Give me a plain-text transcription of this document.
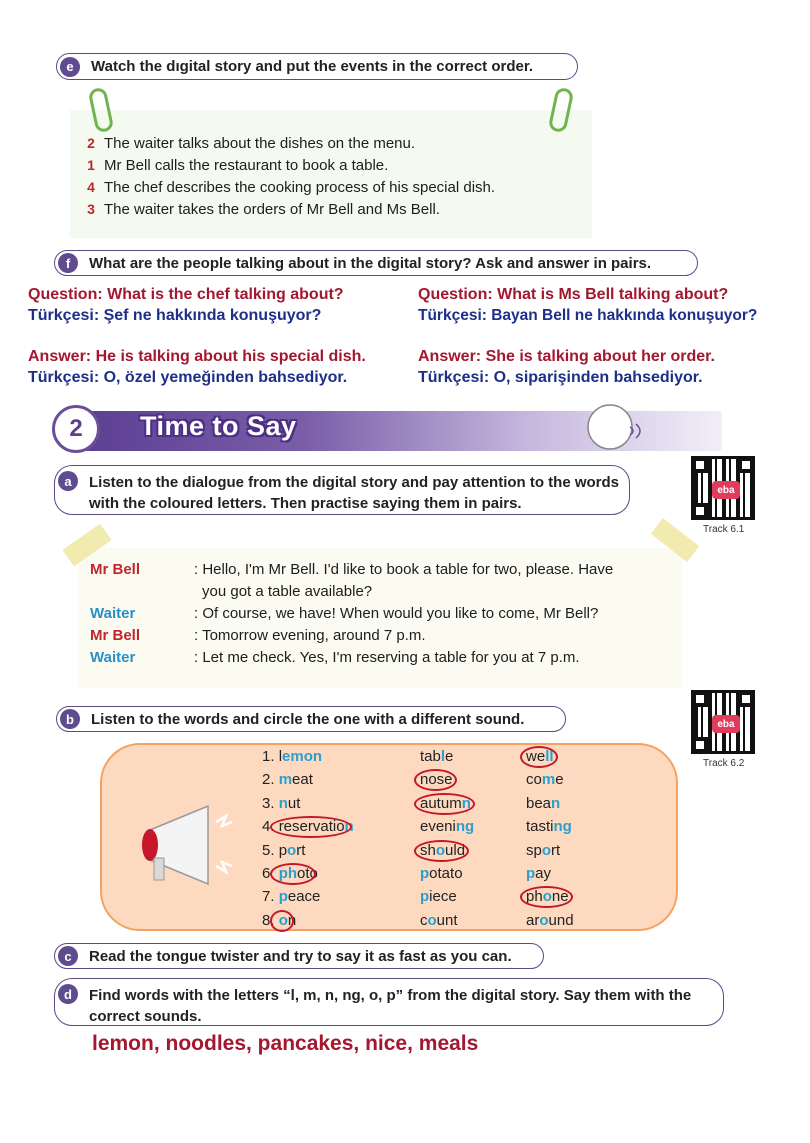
e	Watch the dıgital story and put the events in the correct order.
2 The waiter talks about the dishes on the menu.
1 Mr Bell calls the restaurant to book a table.
4 The chef describes the cooking process of his special dish.
3 The waiter takes the orders of Mr Bell and Ms Bell.
f	What are the people talking about in the digital story? Ask and answer in pairs.
Question: What is the chef talking about?
Türkçesi: Şef ne hakkında konuşuyor?
Question: What is Ms Bell talking about?
Türkçesi: Bayan Bell ne hakkında konuşuyor?
Answer: He is talking about his special dish.
Türkçesi: O, özel yemeğinden bahsediyor.
Answer: She is talking about her order.
Türkçesi: O, siparişinden bahsediyor.
2	Time to Say
a	Listen to the dialogue from the digital story and pay attention to the words with the coloured letters. Then practise saying them in pairs.
eba
Track 6.1
Mr Bell	: Hello, I'm Mr Bell. I'd like to book a table for two, please. Have
you got a table available?
Waiter	: Of course, we have! When would you like to come, Mr Bell?
Mr Bell	: Tomorrow evening, around 7 p.m.
Waiter	: Let me check. Yes, I'm reserving a table for you at 7 p.m.
b	Listen to the words and circle the one with a different sound.	eba
Track 6.2
1. lemon	table	well
2. meat	nose	come
3. nut	autumn	bean
4. reservation	evening	tasting
5. port	should	sport
6. photo	potato	pay
7. peace	piece	phone
8. on	count	around
c	Read the tongue twister and try to say it as fast as you can.
d	Find words with the letters “l, m, n, ng, o, p” from the digital story. Say them with the correct sounds.
lemon, noodles, pancakes, nice, meals
